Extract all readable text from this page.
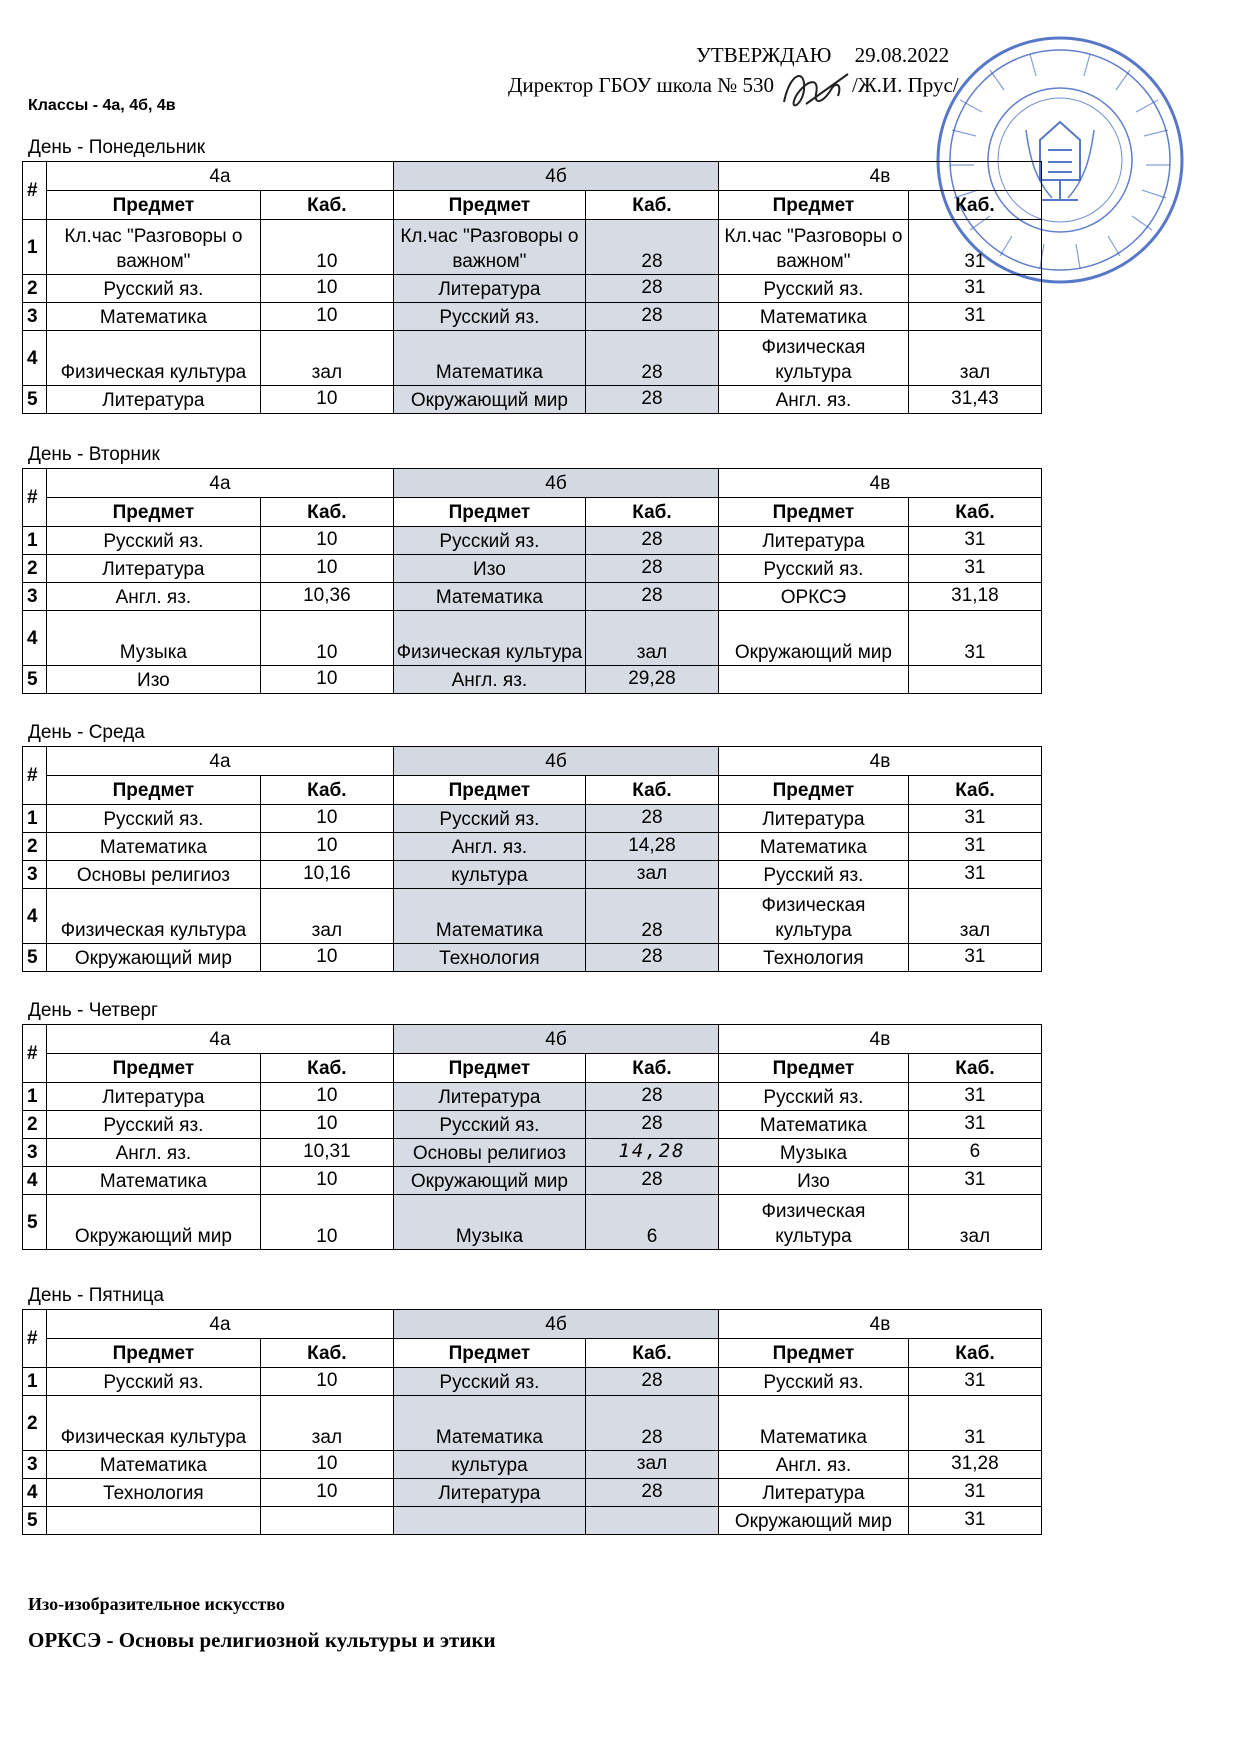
УТВЕРЖДАЮ 29.08.2022
Директор ГБОУ школа № 530	/Ж.И. Прус/
Классы - 4а, 4б, 4в
День - Понедельник
#	4а		4б		4в	
	Предмет	Каб.	Предмет	Каб.	Предмет	Каб.
1	Кл.час "Разговоры о важном"	10	Кл.час "Разговоры о важном"	28	Кл.час "Разговоры о важном"	31
2	Русский яз.	10	Литература	28	Русский яз.	31
3	Математика	10	Русский яз.	28	Математика	31
4	Физическая культура	зал	Математика	28	Физическая культура	зал
5	Литература	10	Окружающий мир	28	Англ. яз.	31,43
День - Вторник
#	4а		4б		4в	
	Предмет	Каб.	Предмет	Каб.	Предмет	Каб.
1	Русский яз.	10	Русский яз.	28	Литература	31
2	Литература	10	Изо	28	Русский яз.	31
3	Англ. яз.	10,36	Математика	28	ОРКСЭ	31,18
4	Музыка	10	Физическая культура	зал	Окружающий мир	31
5	Изо	10	Англ. яз.	29,28		
День - Среда
#	4а		4б		4в	
	Предмет	Каб.	Предмет	Каб.	Предмет	Каб.
1	Русский яз.	10	Русский яз.	28	Литература	31
2	Математика	10	Англ. яз.	14,28	Математика	31
3	Основы религиоз	10,16	культура	зал	Русский яз.	31
4	Физическая культура	зал	Математика	28	Физическая культура	зал
5	Окружающий мир	10	Технология	28	Технология	31
День - Четверг
#	4а		4б		4в	
	Предмет	Каб.	Предмет	Каб.	Предмет	Каб.
1	Литература	10	Литература	28	Русский яз.	31
2	Русский яз.	10	Русский яз.	28	Математика	31
3	Англ. яз.	10,31	Основы религиоз	14,28	Музыка	6
4	Математика	10	Окружающий мир	28	Изо	31
5	Окружающий мир	10	Музыка	6	Физическая культура	зал
День - Пятница
#	4а		4б		4в	
	Предмет	Каб.	Предмет	Каб.	Предмет	Каб.
1	Русский яз.	10	Русский яз.	28	Русский яз.	31
2	Физическая культура	зал	Математика	28	Математика	31
3	Математика	10	культура	зал	Англ. яз.	31,28
4	Технология	10	Литература	28	Литература	31
5					Окружающий мир	31
Изо-изобразительное искусство
ОРКСЭ - Основы религиозной культуры и этики
